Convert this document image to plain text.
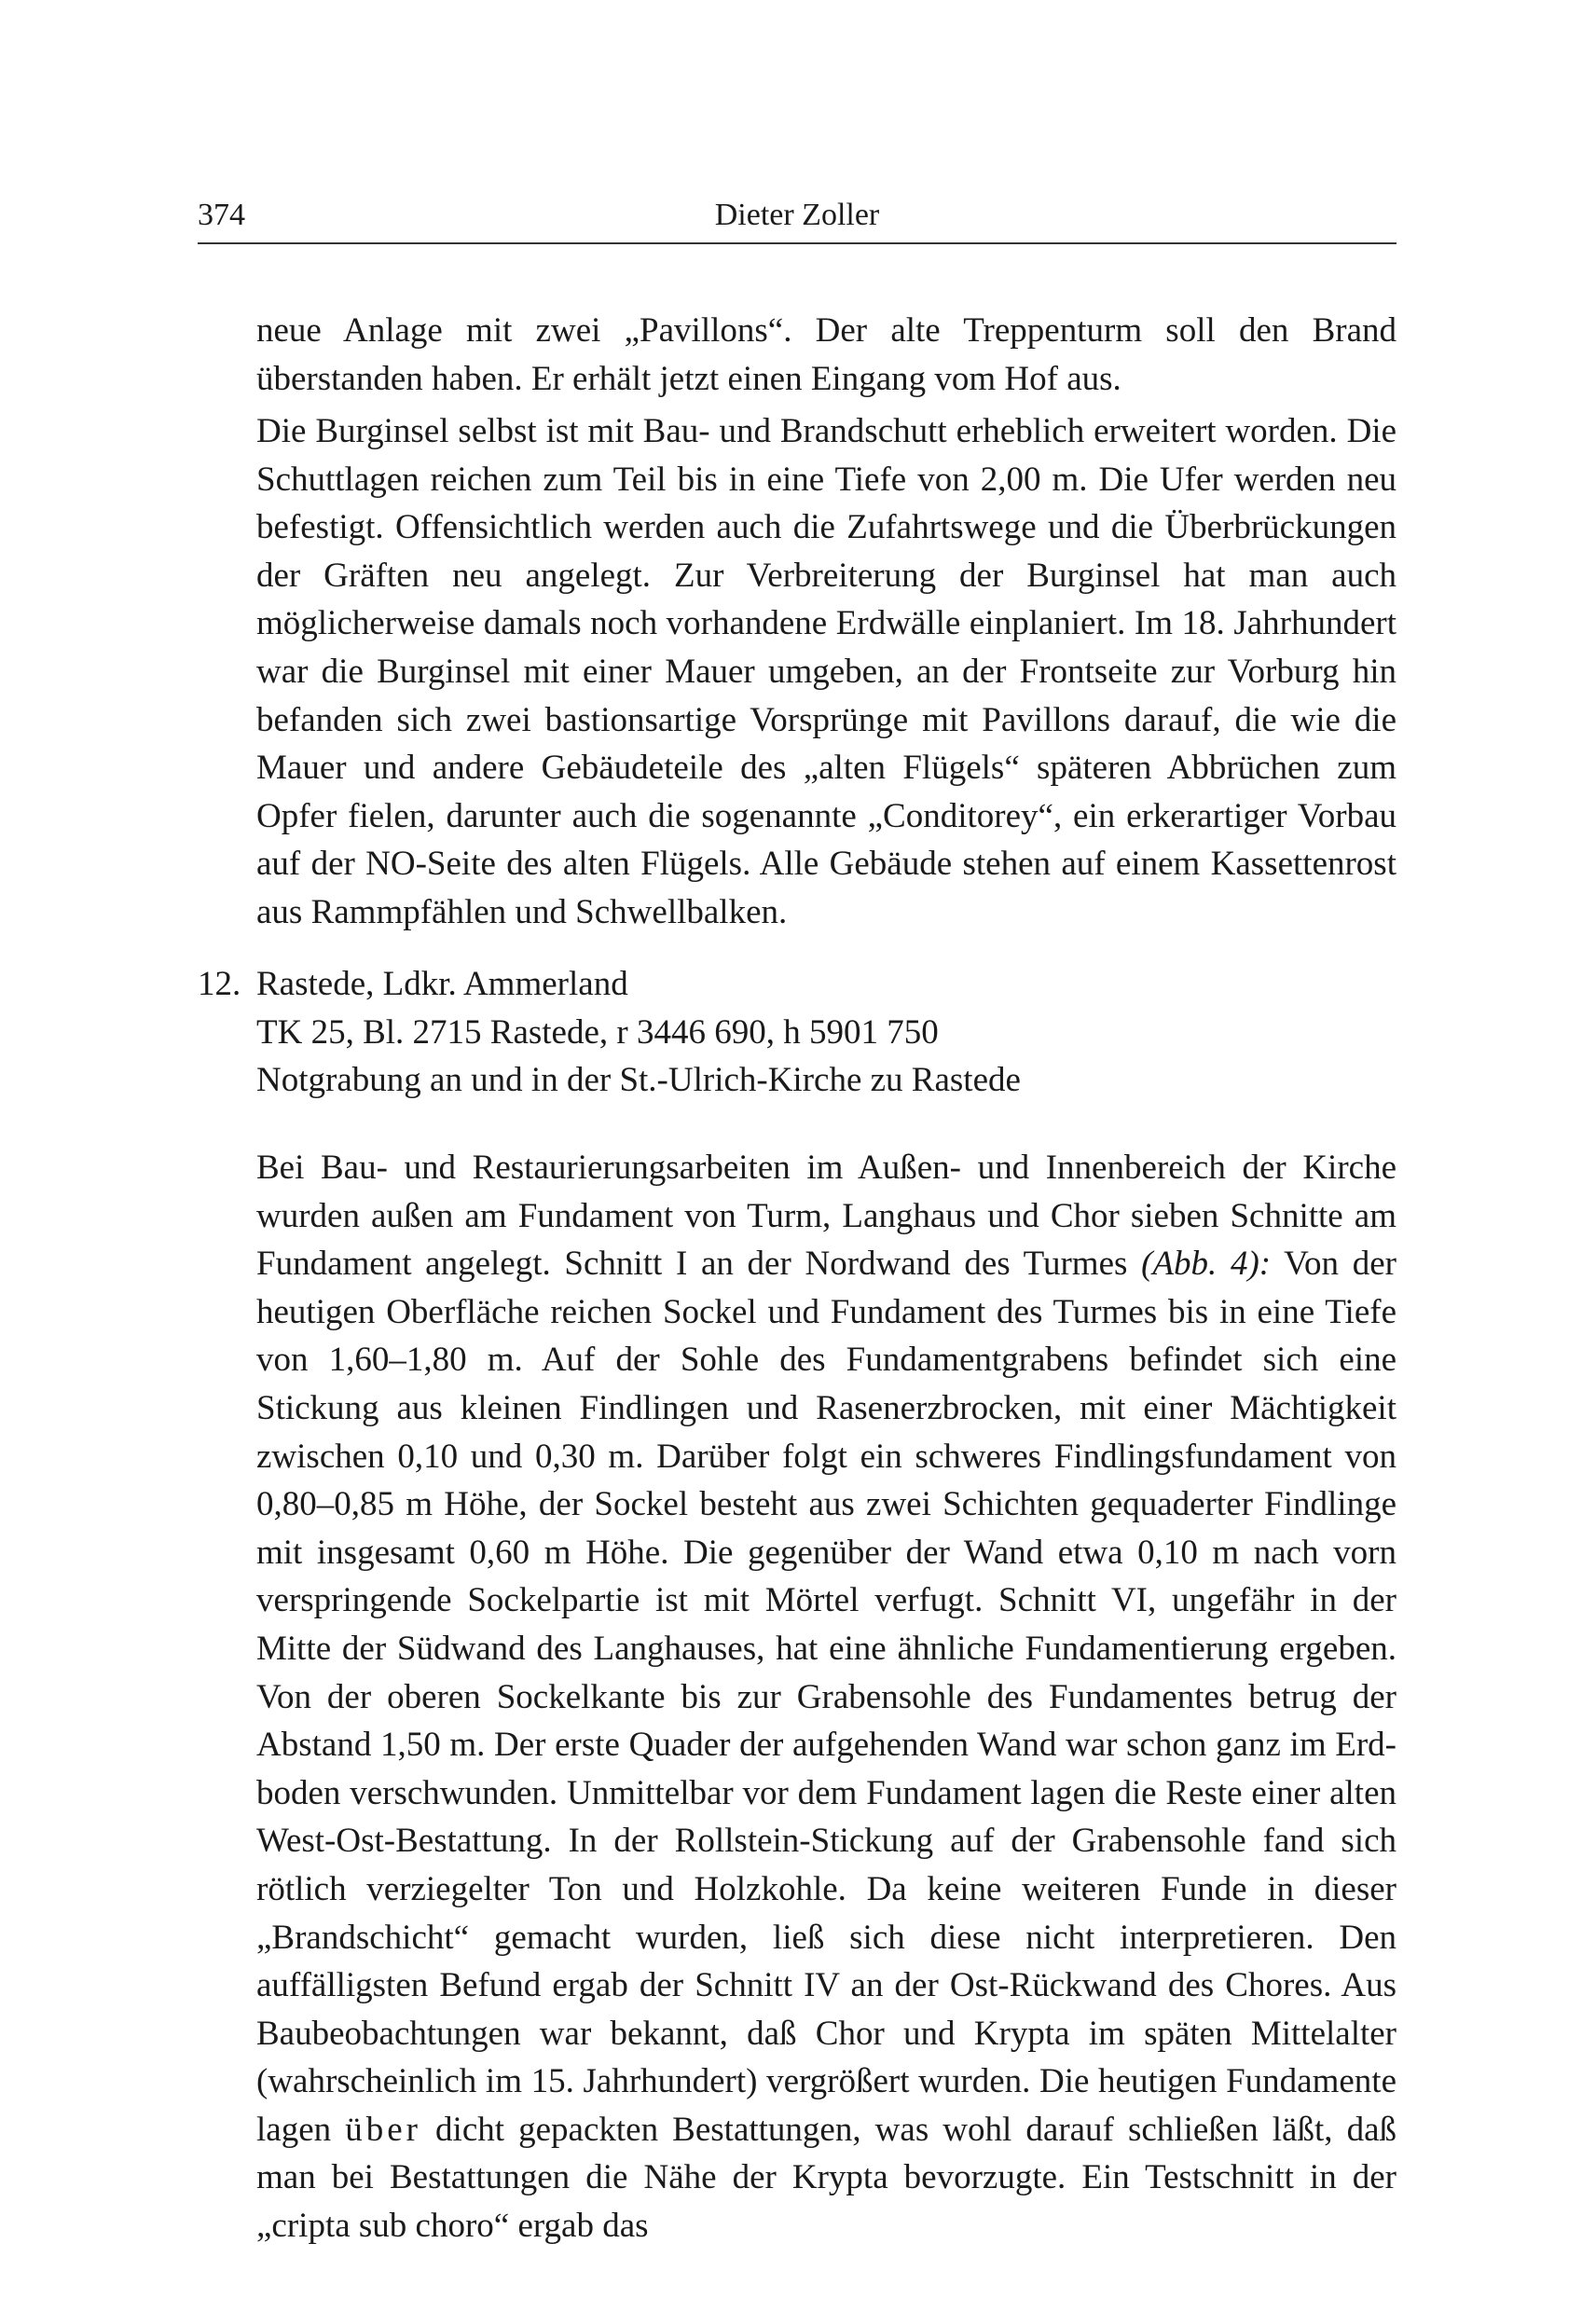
374	Dieter Zoller

neue Anlage mit zwei „Pavillons“. Der alte Treppenturm soll den Brand überstanden haben. Er erhält jetzt einen Eingang vom Hof aus.

Die Burginsel selbst ist mit Bau- und Brandschutt erheblich erweitert worden. Die Schuttlagen reichen zum Teil bis in eine Tiefe von 2,00 m. Die Ufer werden neu befestigt. Offensichtlich werden auch die Zufahrtswege und die Überbrückungen der Gräften neu angelegt. Zur Verbreiterung der Burginsel hat man auch möglicherweise damals noch vorhandene Erdwälle einplaniert. Im 18. Jahrhundert war die Burginsel mit einer Mauer umgeben, an der Frontseite zur Vorburg hin befanden sich zwei bastionsartige Vorsprünge mit Pavillons darauf, die wie die Mauer und andere Gebäudeteile des „alten Flügels“ späteren Abbrüchen zum Opfer fielen, darunter auch die sogenannte „Conditorey“, ein erkerartiger Vorbau auf der NO-Seite des alten Flügels. Alle Gebäude stehen auf einem Kassettenrost aus Rammpfählen und Schwellbalken.

12. Rastede, Ldkr. Ammerland
TK 25, Bl. 2715 Rastede, r 3446 690, h 5901 750
Notgrabung an und in der St.-Ulrich-Kirche zu Rastede

Bei Bau- und Restaurierungsarbeiten im Außen- und Innenbereich der Kirche wurden außen am Fundament von Turm, Langhaus und Chor sieben Schnitte am Fundament angelegt. Schnitt I an der Nordwand des Turmes (Abb. 4): Von der heutigen Oberfläche reichen Sockel und Fundament des Turmes bis in eine Tiefe von 1,60–1,80 m. Auf der Sohle des Fundamentgrabens befindet sich eine Stickung aus kleinen Findlingen und Rasenerzbrocken, mit einer Mächtigkeit zwischen 0,10 und 0,30 m. Darüber folgt ein schweres Findlingsfundament von 0,80–0,85 m Höhe, der Sockel besteht aus zwei Schichten gequaderter Findlinge mit insgesamt 0,60 m Höhe. Die gegenüber der Wand etwa 0,10 m nach vorn verspringende Sockelpartie ist mit Mörtel verfugt. Schnitt VI, ungefähr in der Mitte der Südwand des Langhauses, hat eine ähnliche Fundamentierung ergeben. Von der oberen Sockelkante bis zur Grabensohle des Fundamentes betrug der Abstand 1,50 m. Der erste Quader der aufgehenden Wand war schon ganz im Erdboden verschwunden. Unmittelbar vor dem Fundament lagen die Reste einer alten West-Ost-Bestattung. In der Rollstein-Stickung auf der Grabensohle fand sich rötlich verziegelter Ton und Holzkohle. Da keine weiteren Funde in dieser „Brandschicht“ gemacht wurden, ließ sich diese nicht interpretieren. Den auffälligsten Befund ergab der Schnitt IV an der Ost-Rückwand des Chores. Aus Baubeobachtungen war bekannt, daß Chor und Krypta im späten Mittelalter (wahrscheinlich im 15. Jahrhundert) vergrößert wurden. Die heutigen Fundamente lagen über dicht gepackten Bestattungen, was wohl darauf schließen läßt, daß man bei Bestattungen die Nähe der Krypta bevorzugte. Ein Testschnitt in der „cripta sub choro“ ergab das
